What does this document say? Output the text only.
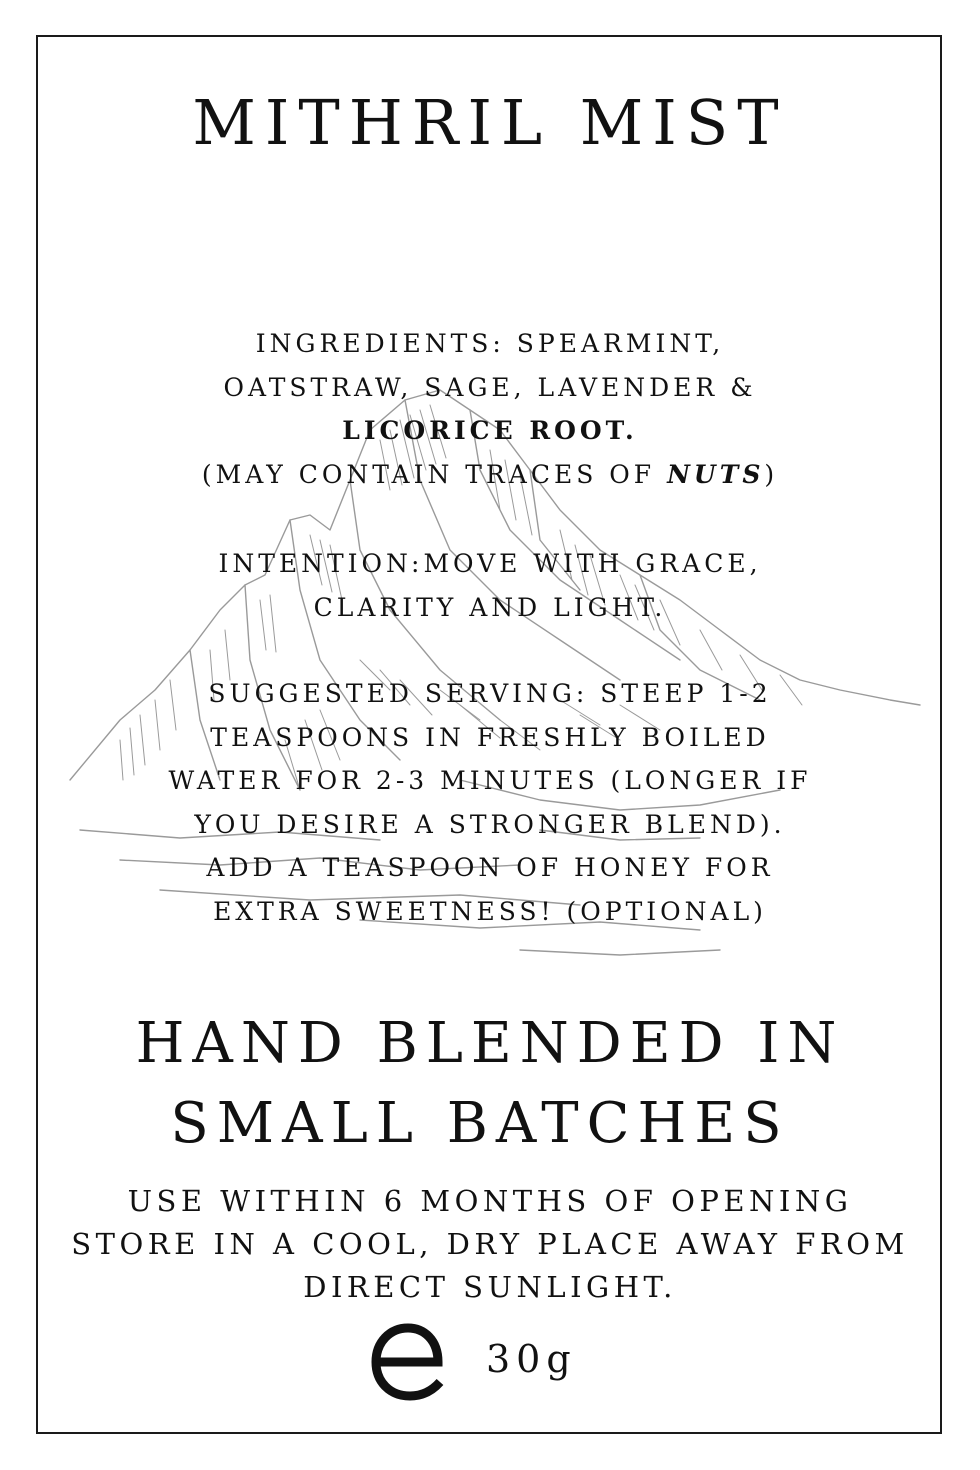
MITHRIL MIST
INGREDIENTS: SPEARMINT,
OATSTRAW, SAGE, LAVENDER &
LICORICE ROOT.
(MAY CONTAIN TRACES OF NUTS)
INTENTION:MOVE WITH GRACE,
CLARITY AND LIGHT.
SUGGESTED SERVING: STEEP 1-2
TEASPOONS IN FRESHLY BOILED
WATER FOR 2-3 MINUTES (LONGER IF
YOU DESIRE A STRONGER BLEND).
ADD A TEASPOON OF HONEY FOR
EXTRA SWEETNESS! (OPTIONAL)
HAND BLENDED IN
SMALL BATCHES
USE WITHIN 6 MONTHS OF OPENING
STORE IN A COOL, DRY PLACE AWAY FROM
DIRECT SUNLIGHT.
30g
